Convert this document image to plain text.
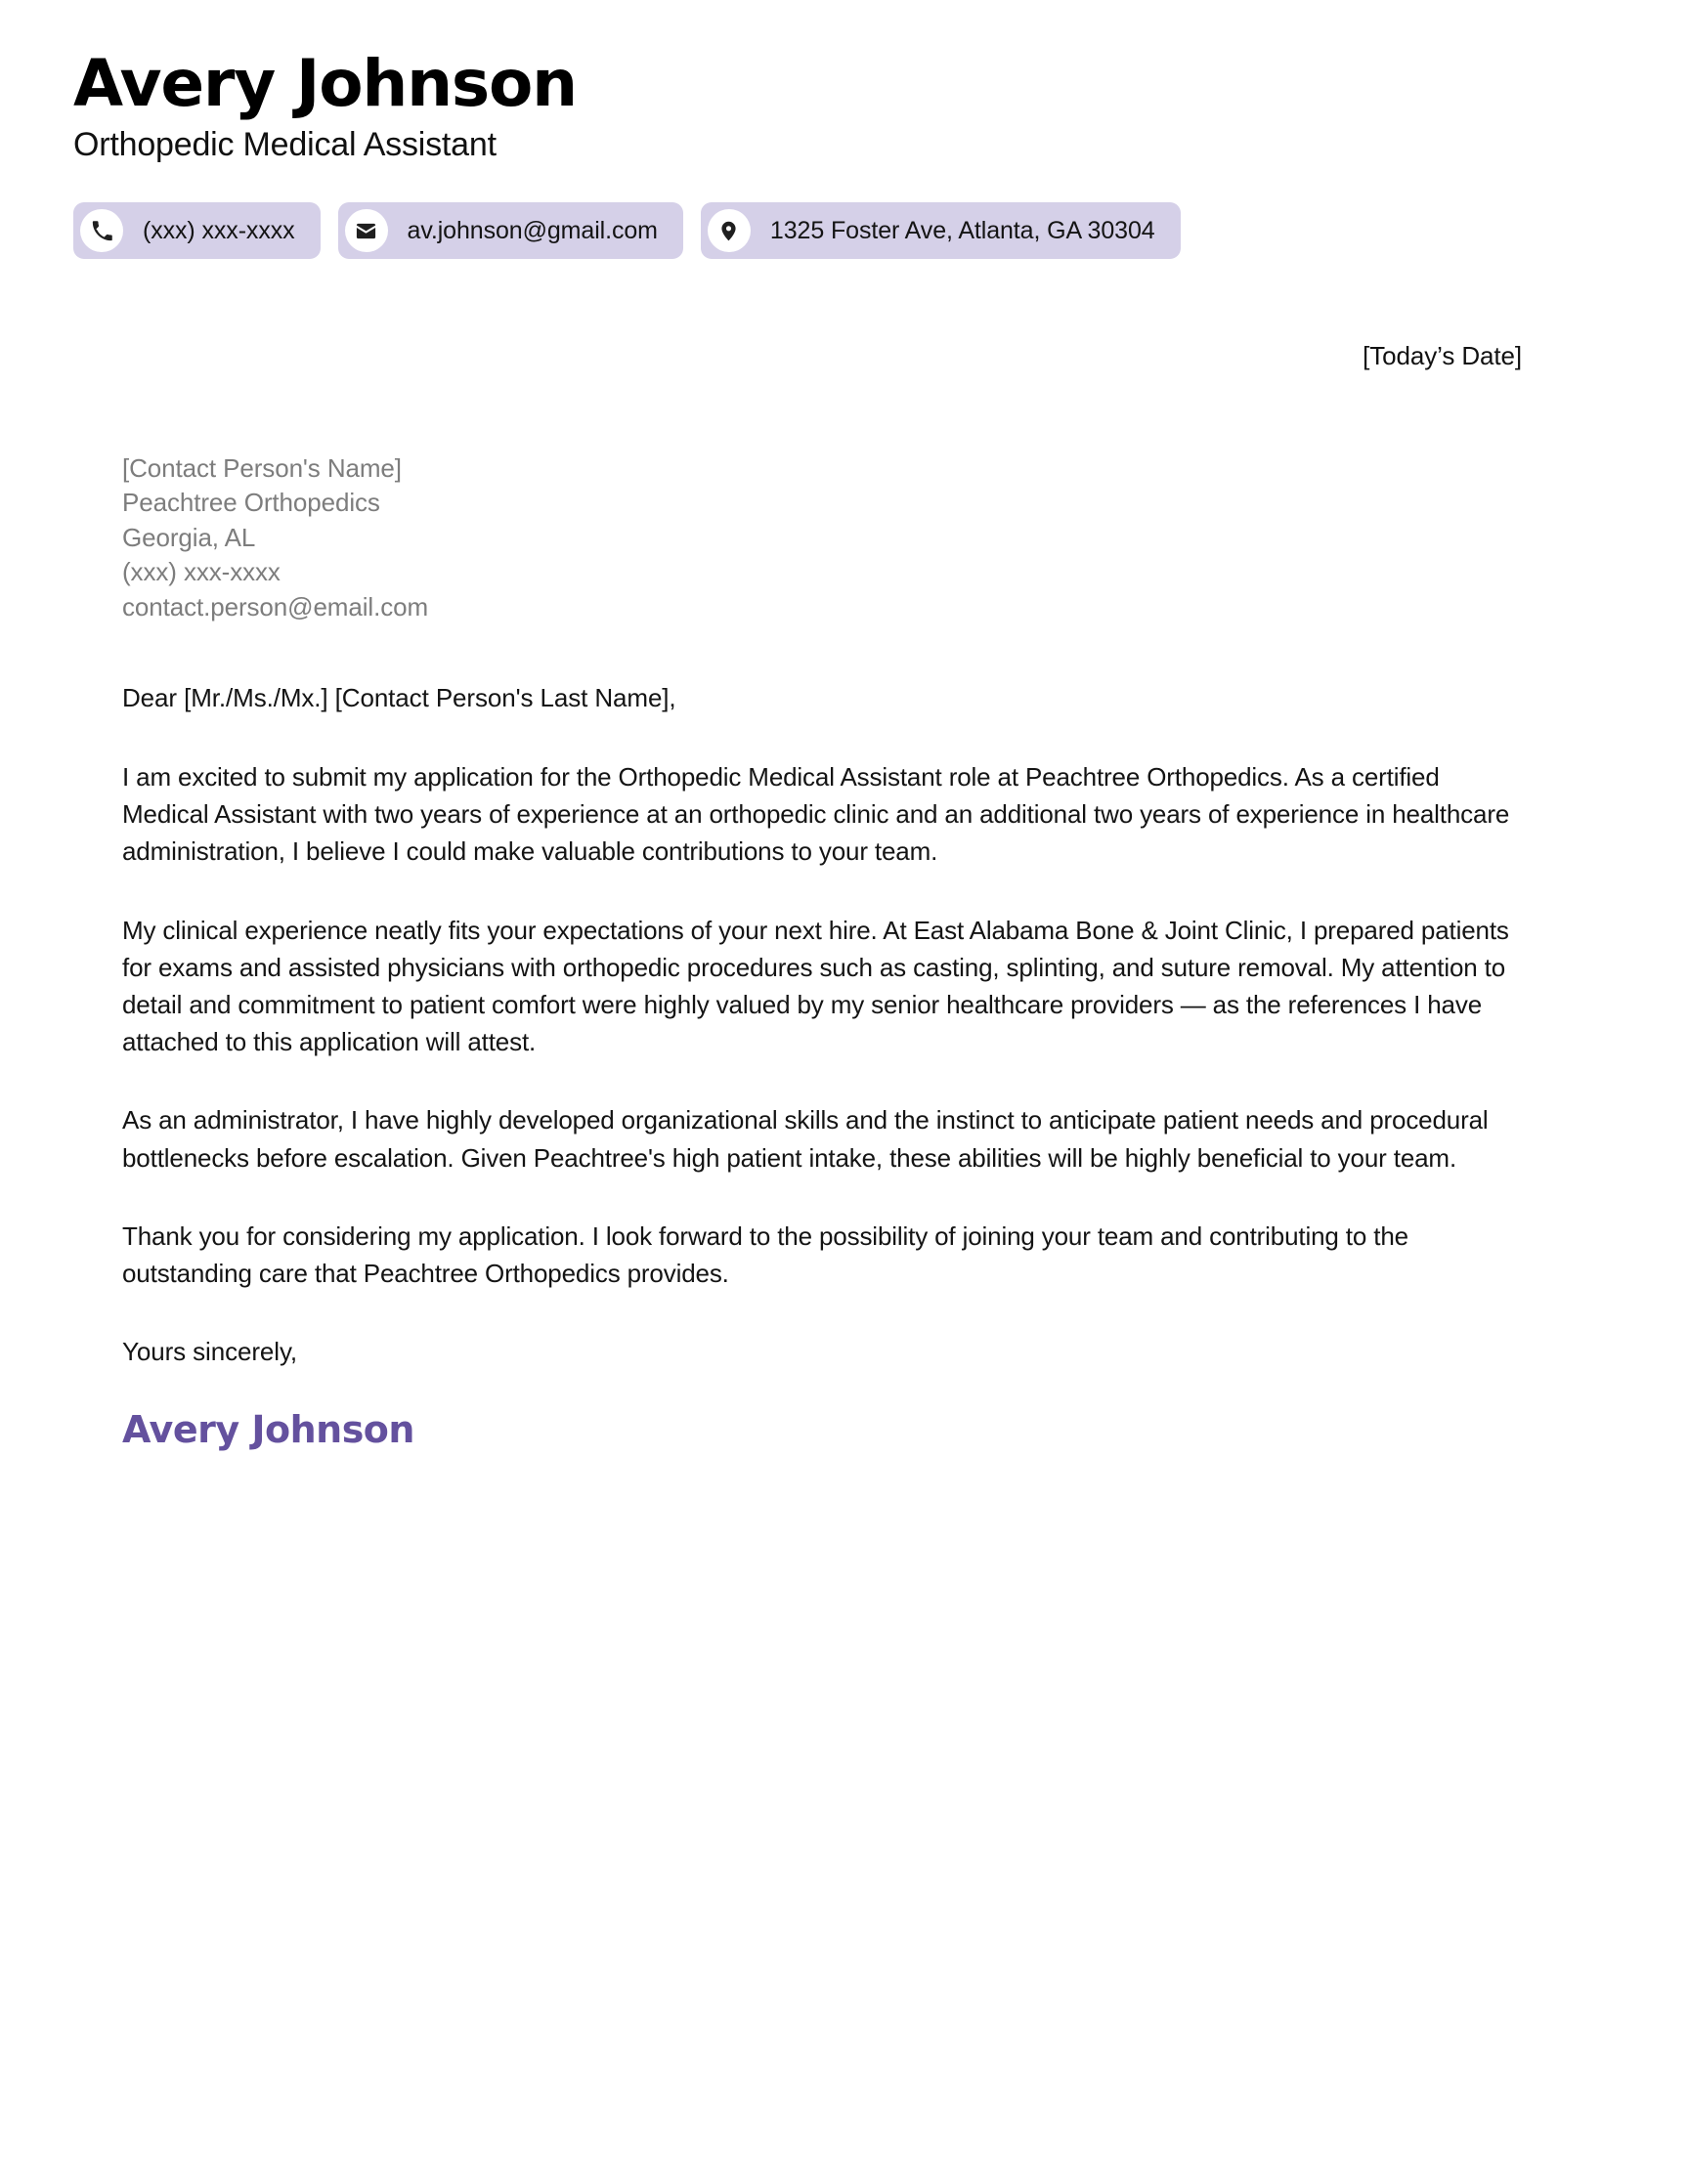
Avery Johnson
Orthopedic Medical Assistant
(xxx) xxx-xxxx	av.johnson@gmail.com	1325 Foster Ave, Atlanta, GA 30304
[Today’s Date]
[Contact Person's Name]
Peachtree Orthopedics
Georgia, AL
(xxx) xxx-xxxx
contact.person@email.com
Dear [Mr./Ms./Mx.] [Contact Person's Last Name],

I am excited to submit my application for the Orthopedic Medical Assistant role at Peachtree Orthopedics. As a certified Medical Assistant with two years of experience at an orthopedic clinic and an additional two years of experience in healthcare administration, I believe I could make valuable contributions to your team.

My clinical experience neatly fits your expectations of your next hire. At East Alabama Bone & Joint Clinic, I prepared patients for exams and assisted physicians with orthopedic procedures such as casting, splinting, and suture removal. My attention to detail and commitment to patient comfort were highly valued by my senior healthcare providers — as the references I have attached to this application will attest.

As an administrator, I have highly developed organizational skills and the instinct to anticipate patient needs and procedural bottlenecks before escalation. Given Peachtree's high patient intake, these abilities will be highly beneficial to your team.

Thank you for considering my application. I look forward to the possibility of joining your team and contributing to the outstanding care that Peachtree Orthopedics provides.

Yours sincerely,
Avery Johnson
